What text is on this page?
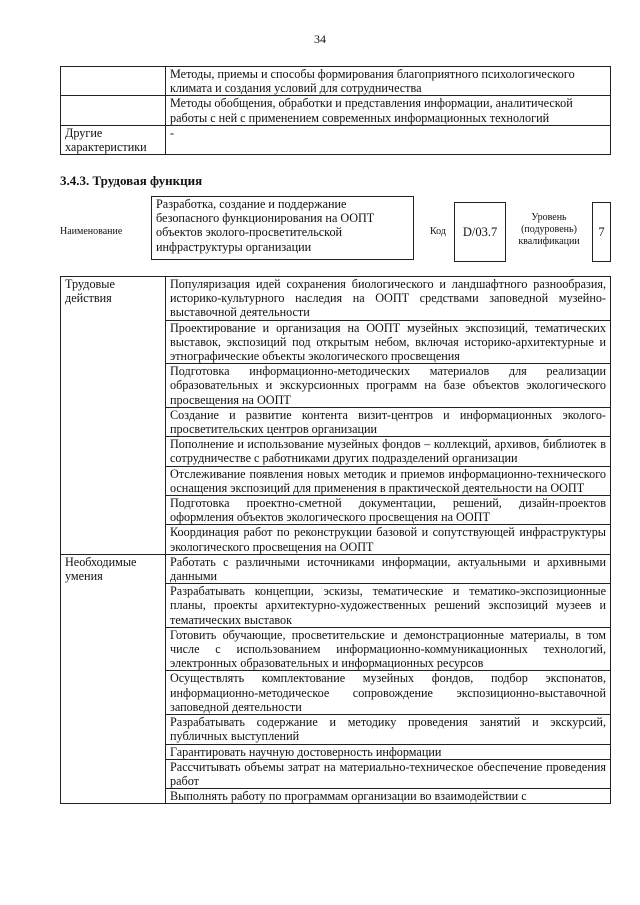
34
	Методы, приемы и способы формирования благоприятного психологического климата и создания условий для сотрудничества
	Методы обобщения, обработки и представления информации, аналитической работы с ней с применением современных информационных технологий
Другие характеристики	-
3.4.3. Трудовая функция
Наименование
Разработка, создание и поддержание безопасного функционирования на ООПТ объектов эколого-просветительской инфраструктуры организации
Код	D/03.7
Уровень (подуровень) квалификации
7
Трудовые действия	Популяризация идей сохранения биологического и ландшафтного разнообразия, историко-культурного наследия на ООПТ средствами заповедной музейно-выставочной деятельности
	Проектирование и организация на ООПТ музейных экспозиций, тематических выставок, экспозиций под открытым небом, включая историко-архитектурные и этнографические объекты экологического просвещения
	Подготовка информационно-методических материалов для реализации образовательных и экскурсионных программ на базе объектов экологического просвещения на ООПТ
	Создание и развитие контента визит-центров и информационных эколого-просветительских центров организации
	Пополнение и использование музейных фондов – коллекций, архивов, библиотек в сотрудничестве с работниками других подразделений организации
	Отслеживание появления новых методик и приемов информационно-технического оснащения экспозиций для применения в практической деятельности на ООПТ
	Подготовка проектно-сметной документации, решений, дизайн-проектов оформления объектов экологического просвещения на ООПТ
	Координация работ по реконструкции базовой и сопутствующей инфраструктуры экологического просвещения на ООПТ
Необходимые умения	Работать с различными источниками информации, актуальными и архивными данными
	Разрабатывать концепции, эскизы, тематические и тематико-экспозиционные планы, проекты архитектурно-художественных решений экспозиций музеев и тематических выставок
	Готовить обучающие, просветительские и демонстрационные материалы, в том числе с использованием информационно-коммуникационных технологий, электронных образовательных и информационных ресурсов
	Осуществлять комплектование музейных фондов, подбор экспонатов, информационно-методическое сопровождение экспозиционно-выставочной заповедной деятельности
	Разрабатывать содержание и методику проведения занятий и экскурсий, публичных выступлений
	Гарантировать научную достоверность информации
	Рассчитывать объемы затрат на материально-техническое обеспечение проведения работ
	Выполнять работу по программам организации во взаимодействии с
